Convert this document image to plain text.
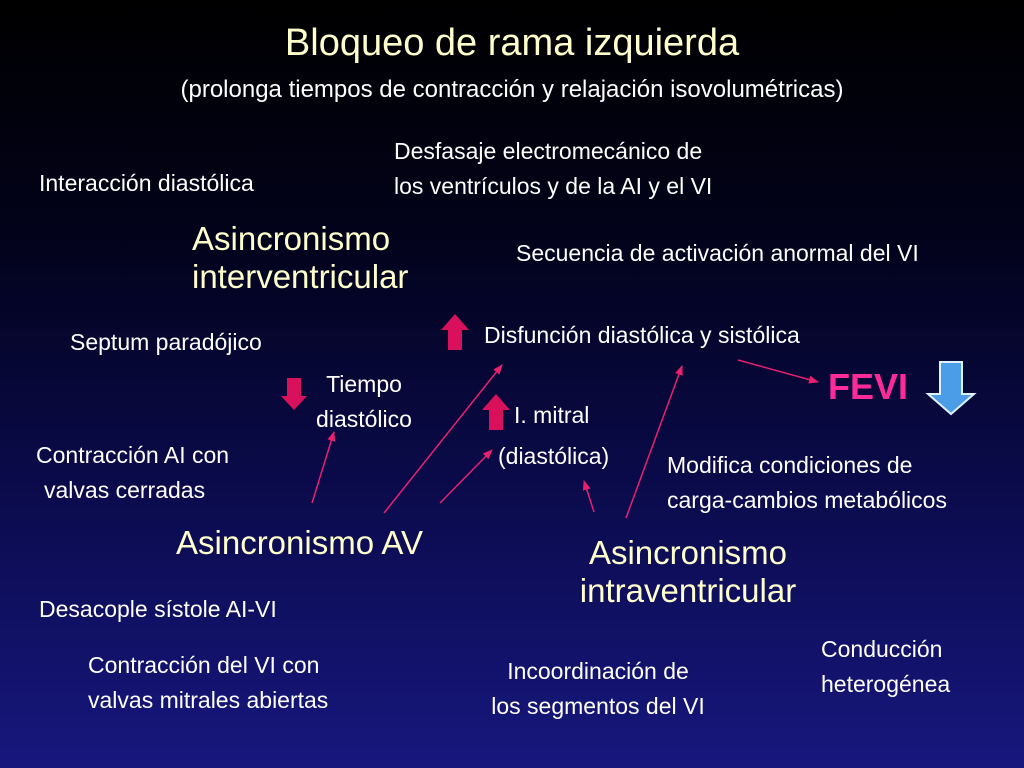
Bloqueo de rama izquierda
(prolonga tiempos de contracción y relajación isovolumétricas)
Interacción diastólica
Desfasaje electromecánico de
los ventrículos y de la AI y el VI
Asincronismo
interventricular
Secuencia de activación anormal del VI
Septum paradójico	Disfunción diastólica y sistólica
Tiempo
diastólico
FEVI
I. mitral
(diastólica)
Contracción AI con
valvas cerradas
Modifica condiciones de
carga-cambios metabólicos
Asincronismo AV	Asincronismo
intraventricular
Desacople sístole AI-VI
Contracción del VI con
valvas mitrales abiertas
Incoordinación de
los segmentos del VI
Conducción
heterogénea
